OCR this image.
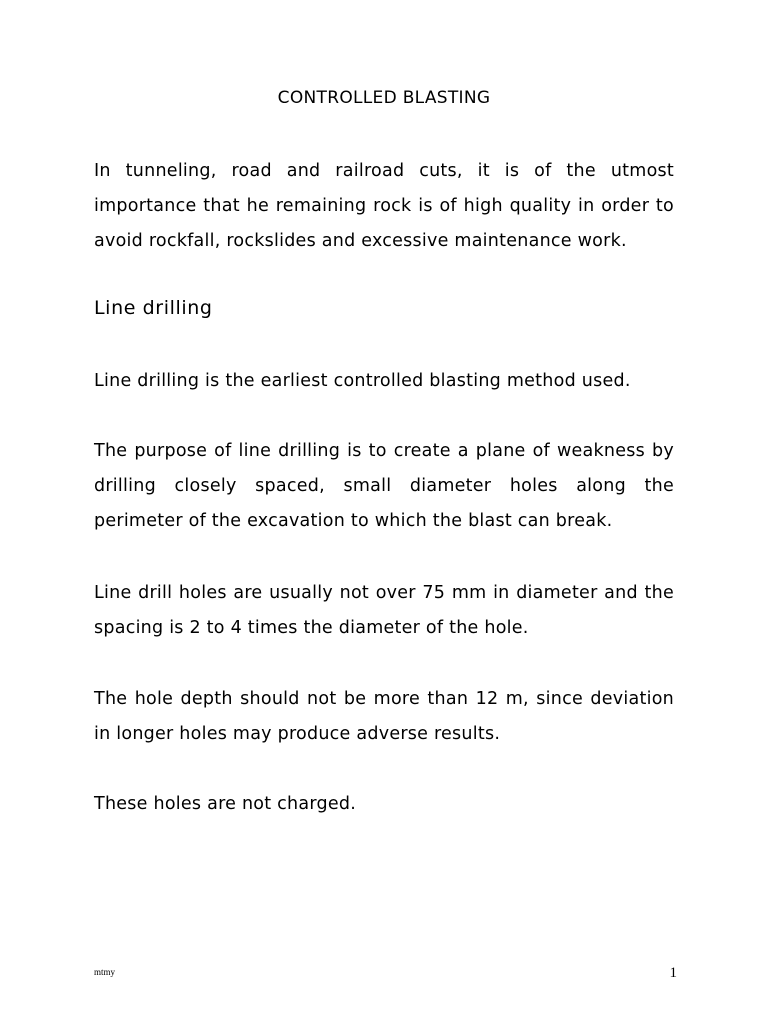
CONTROLLED BLASTING

In tunneling, road and railroad cuts, it is of the utmost importance that he remaining rock is of high quality in order to avoid rockfall, rockslides and excessive maintenance work.

Line drilling

Line drilling is the earliest controlled blasting method used.

The purpose of line drilling is to create a plane of weakness by drilling closely spaced, small diameter holes along the perimeter of the excavation to which the blast can break.

Line drill holes are usually not over 75 mm in diameter and the spacing is 2 to 4 times the diameter of the hole.

The hole depth should not be more than 12 m, since deviation in longer holes may produce adverse results.

These holes are not charged.

mtmy	1
